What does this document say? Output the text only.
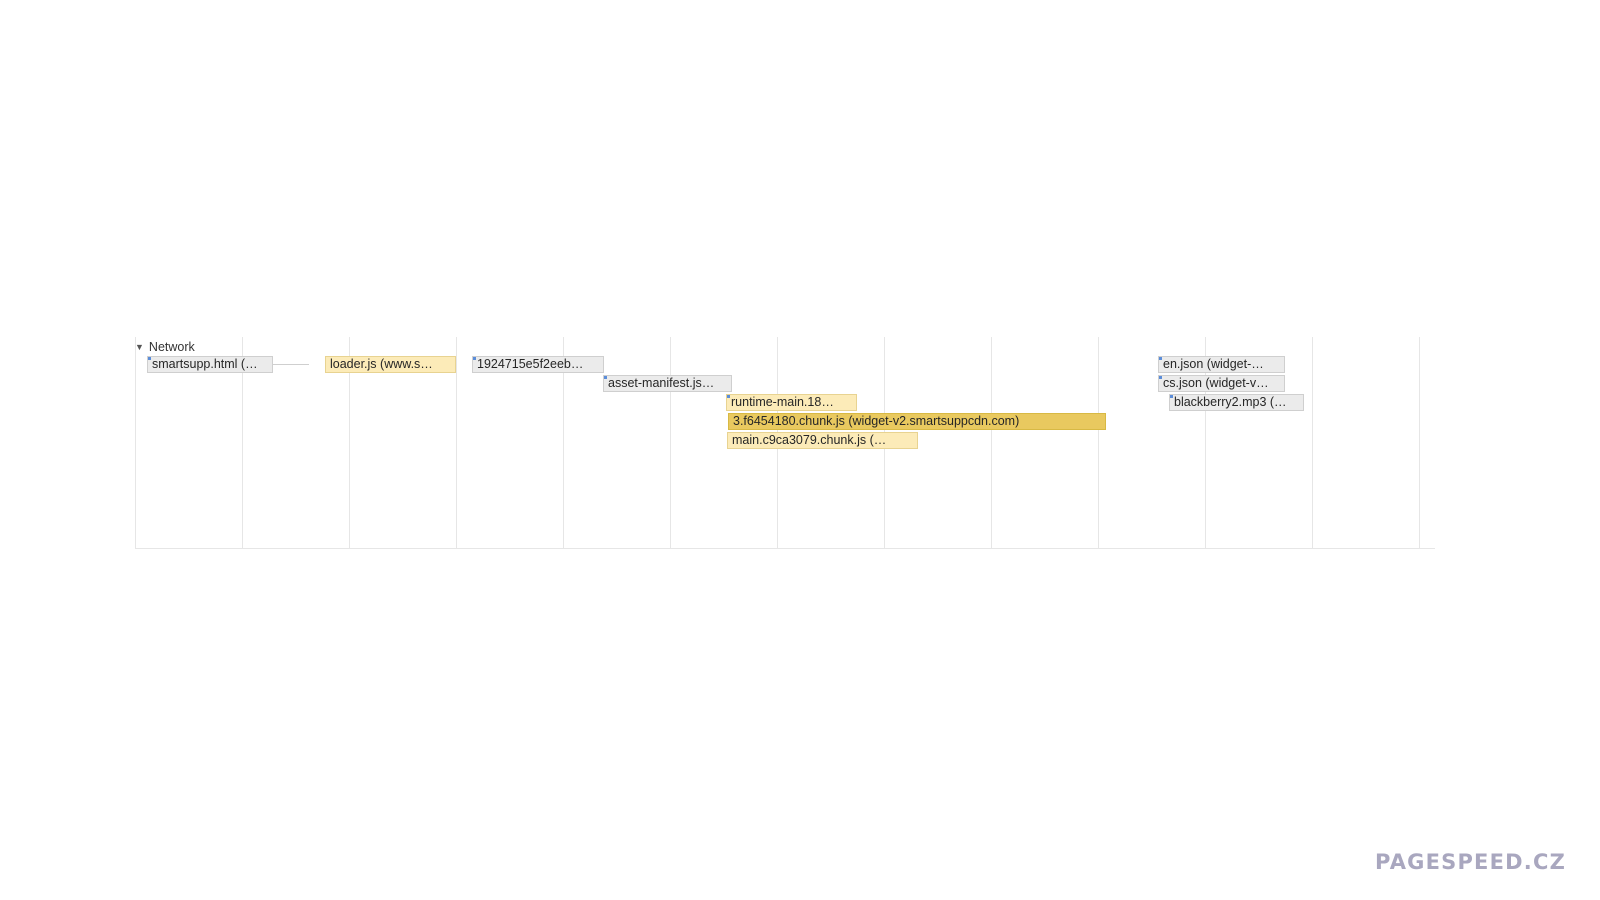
▼ Network
smartsupp.html (…	loader.js (www.s…	1924715e5f2eeb…
asset-manifest.js…
runtime-main.18…
3.f6454180.chunk.js (widget-v2.smartsuppcdn.com)
main.c9ca3079.chunk.js (…
en.json (widget-…
cs.json (widget-v…
blackberry2.mp3 (…
PAGESPEED.CZ
